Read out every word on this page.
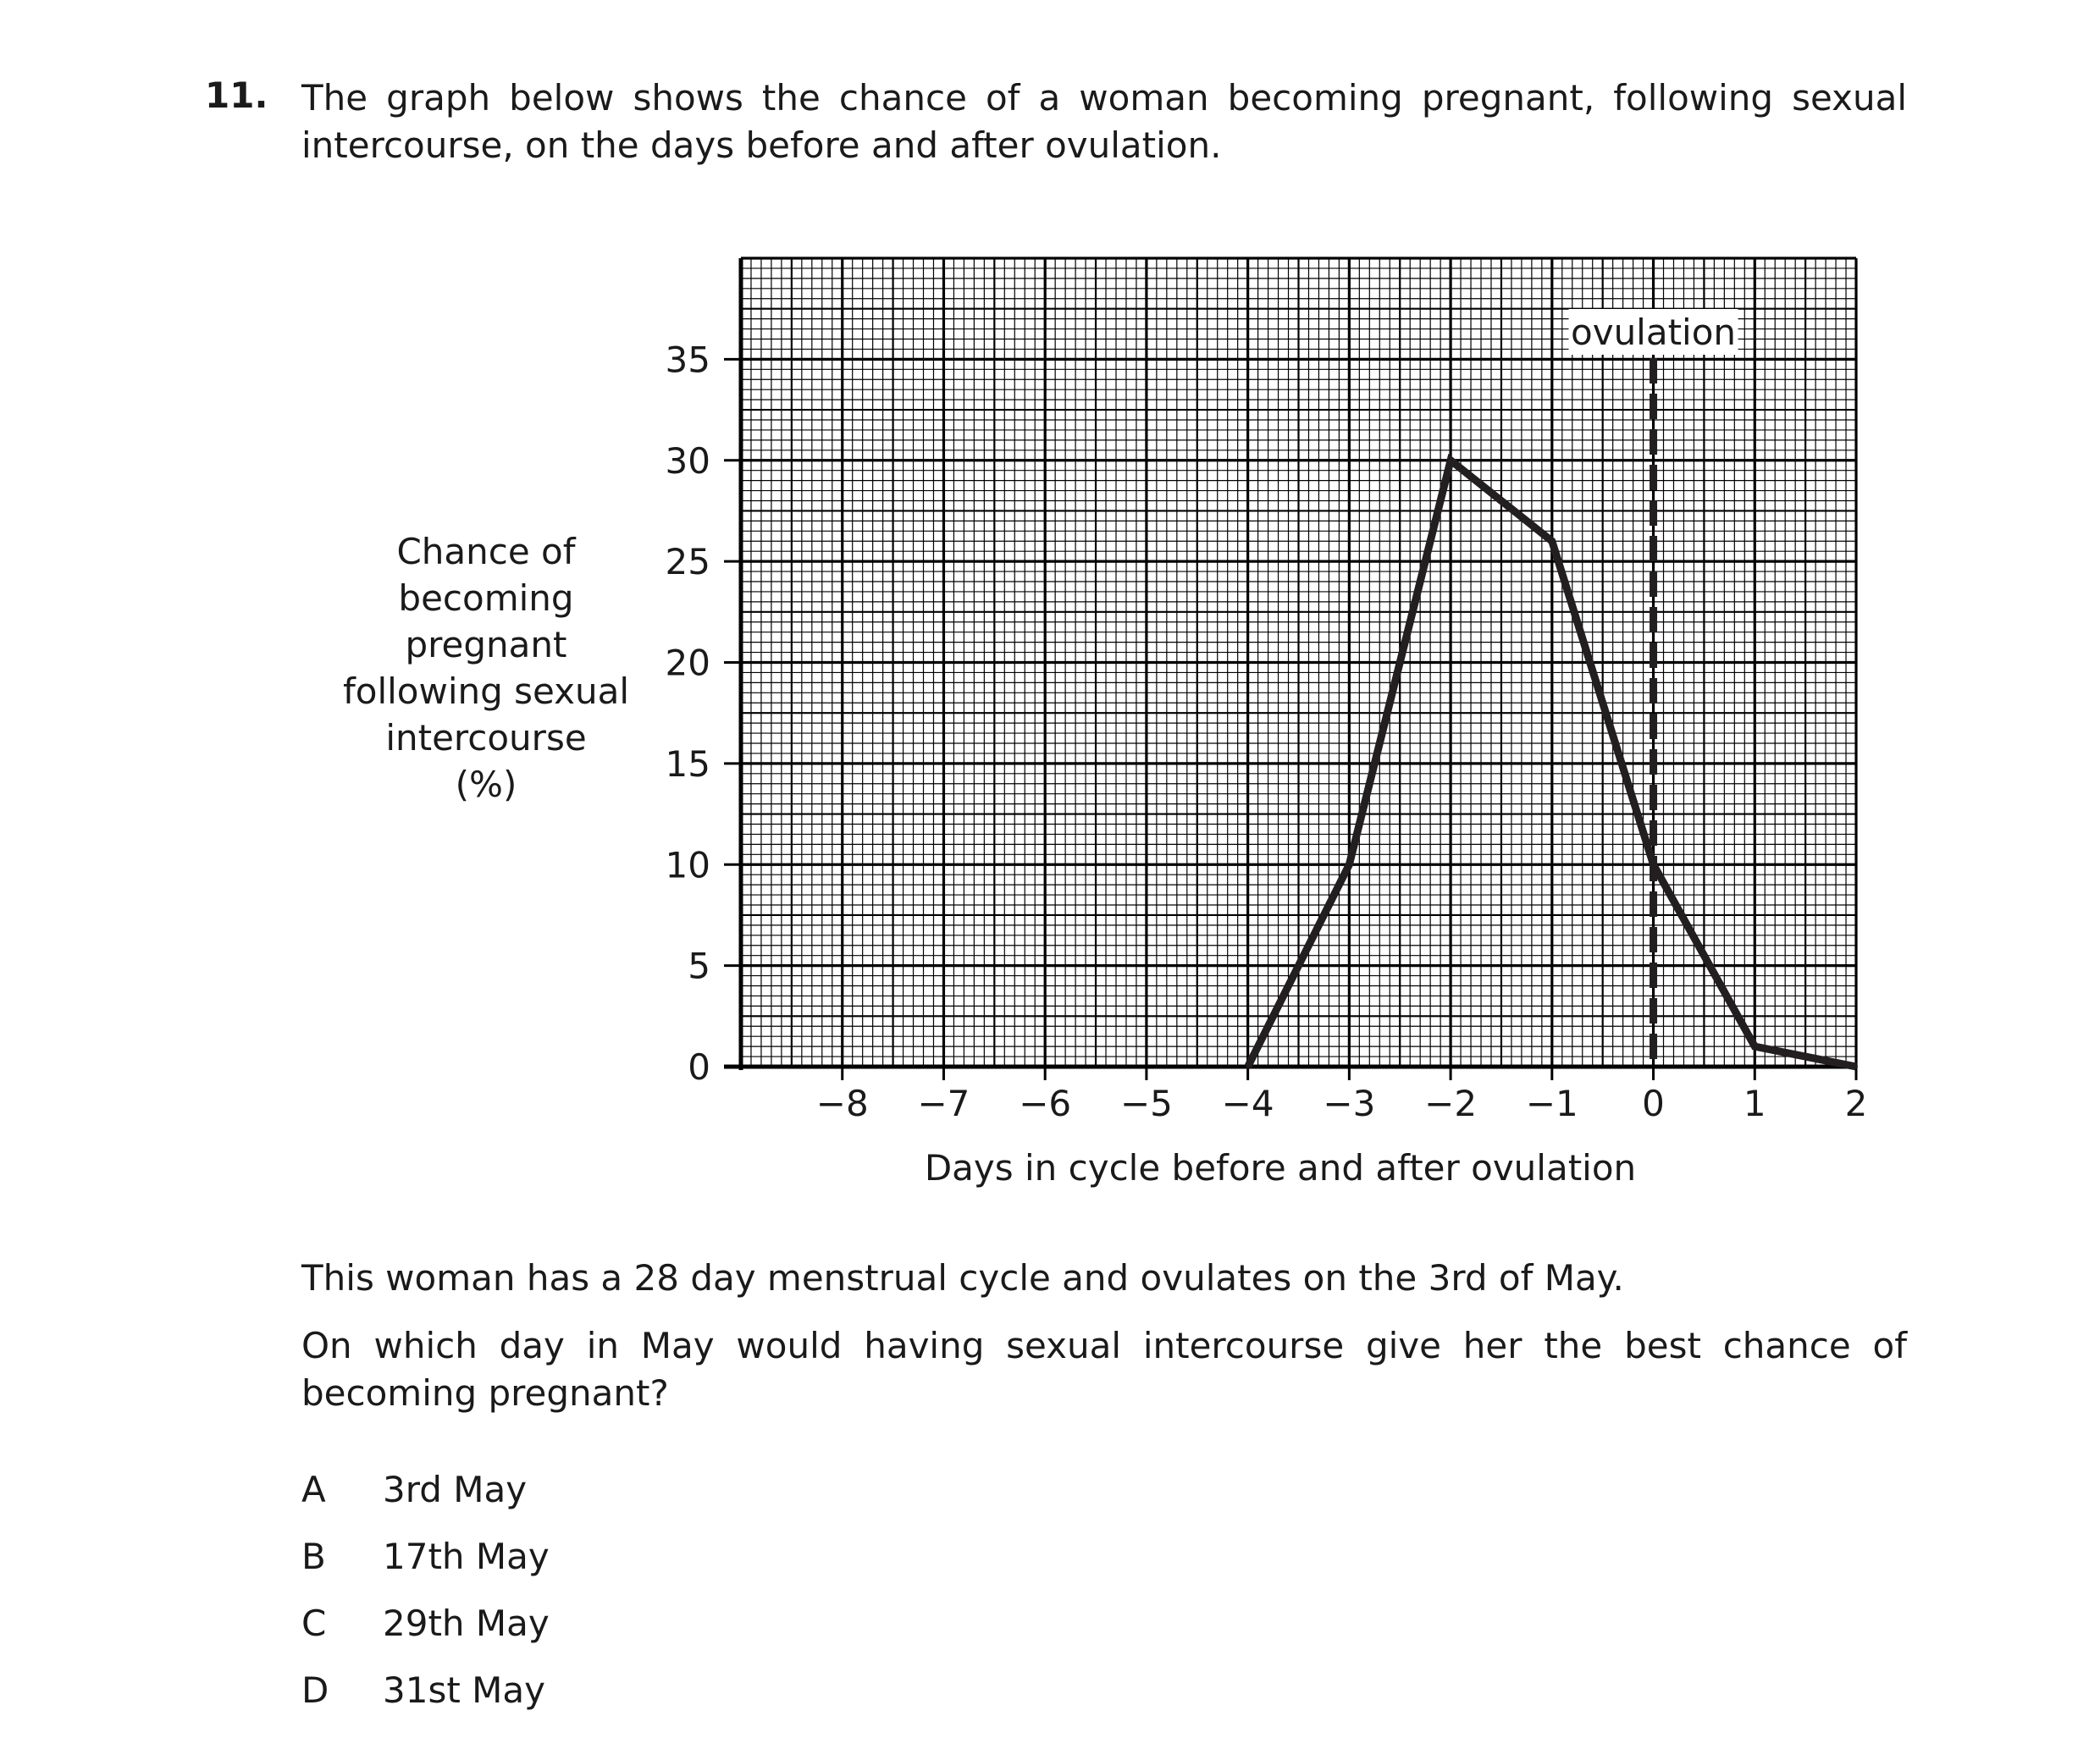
11. The graph below shows the chance of a woman becoming pregnant, following sexual intercourse, on the days before and after ovulation.
ovulation
−8 −7 −6 −5 −4 −3 −2 −1 0 1 2
0
5
10
15
20
25
30
35
Days in cycle before and after ovulation
Chance of
becoming
pregnant
following sexual
intercourse
(%)
This woman has a 28 day menstrual cycle and ovulates on the 3rd of May.
On which day in May would having sexual intercourse give her the best chance of becoming pregnant?
A 3rd May
B 17th May
C 29th May
D 31st May
